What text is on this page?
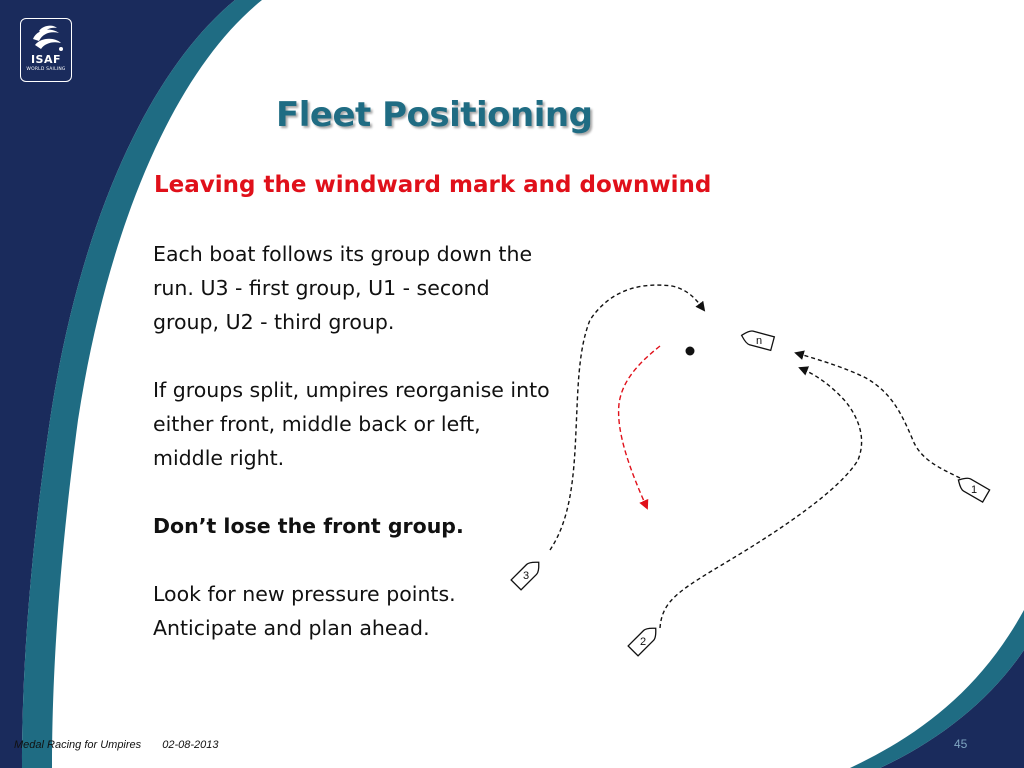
ISAF
WORLD SAILING
Fleet Positioning
Leaving the windward mark and downwind

Each boat follows its group down the run. U3 - first group, U1 - second group, U2 - third group.

If groups split, umpires reorganise into either front, middle back or left, middle right.

Don’t lose the front group.

Look for new pressure points. Anticipate and plan ahead.

3
2
1
n
Medal Racing for Umpires 02-08-2013	45
